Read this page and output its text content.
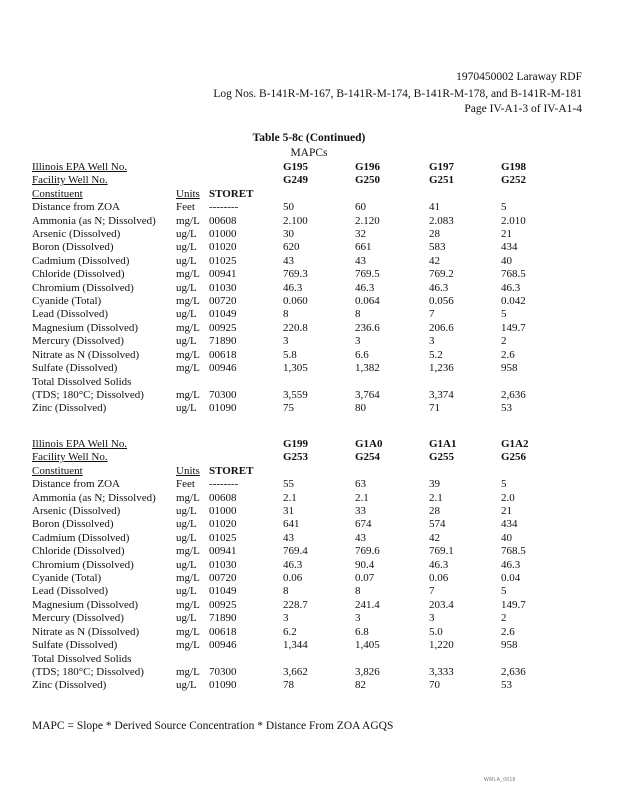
1970450002 Laraway RDF
Log Nos. B-141R-M-167, B-141R-M-174, B-141R-M-178, and B-141R-M-181
Page IV-A1-3 of IV-A1-4
Table 5-8c (Continued)
MAPCs
Illinois EPA Well No.			G195	G196	G197	G198
Facility Well No.			G249	G250	G251	G252
Constituent	Units	STORET				
Distance from ZOA	Feet	--------	50	60	41	5
Ammonia (as N; Dissolved)	mg/L	00608	2.100	2.120	2.083	2.010
Arsenic (Dissolved)	ug/L	01000	30	32	28	21
Boron (Dissolved)	ug/L	01020	620	661	583	434
Cadmium (Dissolved)	ug/L	01025	43	43	42	40
Chloride (Dissolved)	mg/L	00941	769.3	769.5	769.2	768.5
Chromium (Dissolved)	ug/L	01030	46.3	46.3	46.3	46.3
Cyanide (Total)	mg/L	00720	0.060	0.064	0.056	0.042
Lead (Dissolved)	ug/L	01049	8	8	7	5
Magnesium (Dissolved)	mg/L	00925	220.8	236.6	206.6	149.7
Mercury (Dissolved)	ug/L	71890	3	3	3	2
Nitrate as N (Dissolved)	mg/L	00618	5.8	6.6	5.2	2.6
Sulfate (Dissolved)	mg/L	00946	1,305	1,382	1,236	958
Total Dissolved Solids						
(TDS; 180°C; Dissolved)	mg/L	70300	3,559	3,764	3,374	2,636
Zinc (Dissolved)	ug/L	01090	75	80	71	53
Illinois EPA Well No.			G199	G1A0	G1A1	G1A2
Facility Well No.			G253	G254	G255	G256
Constituent	Units	STORET				
Distance from ZOA	Feet	--------	55	63	39	5
Ammonia (as N; Dissolved)	mg/L	00608	2.1	2.1	2.1	2.0
Arsenic (Dissolved)	ug/L	01000	31	33	28	21
Boron (Dissolved)	ug/L	01020	641	674	574	434
Cadmium (Dissolved)	ug/L	01025	43	43	42	40
Chloride (Dissolved)	mg/L	00941	769.4	769.6	769.1	768.5
Chromium (Dissolved)	ug/L	01030	46.3	90.4	46.3	46.3
Cyanide (Total)	mg/L	00720	0.06	0.07	0.06	0.04
Lead (Dissolved)	ug/L	01049	8	8	7	5
Magnesium (Dissolved)	mg/L	00925	228.7	241.4	203.4	149.7
Mercury (Dissolved)	ug/L	71890	3	3	3	2
Nitrate as N (Dissolved)	mg/L	00618	6.2	6.8	5.0	2.6
Sulfate (Dissolved)	mg/L	00946	1,344	1,405	1,220	958
Total Dissolved Solids						
(TDS; 180°C; Dissolved)	mg/L	70300	3,662	3,826	3,333	2,636
Zinc (Dissolved)	ug/L	01090	78	82	70	53
MAPC = Slope * Derived Source Concentration * Distance From ZOA AGQS
WMLA_0018
